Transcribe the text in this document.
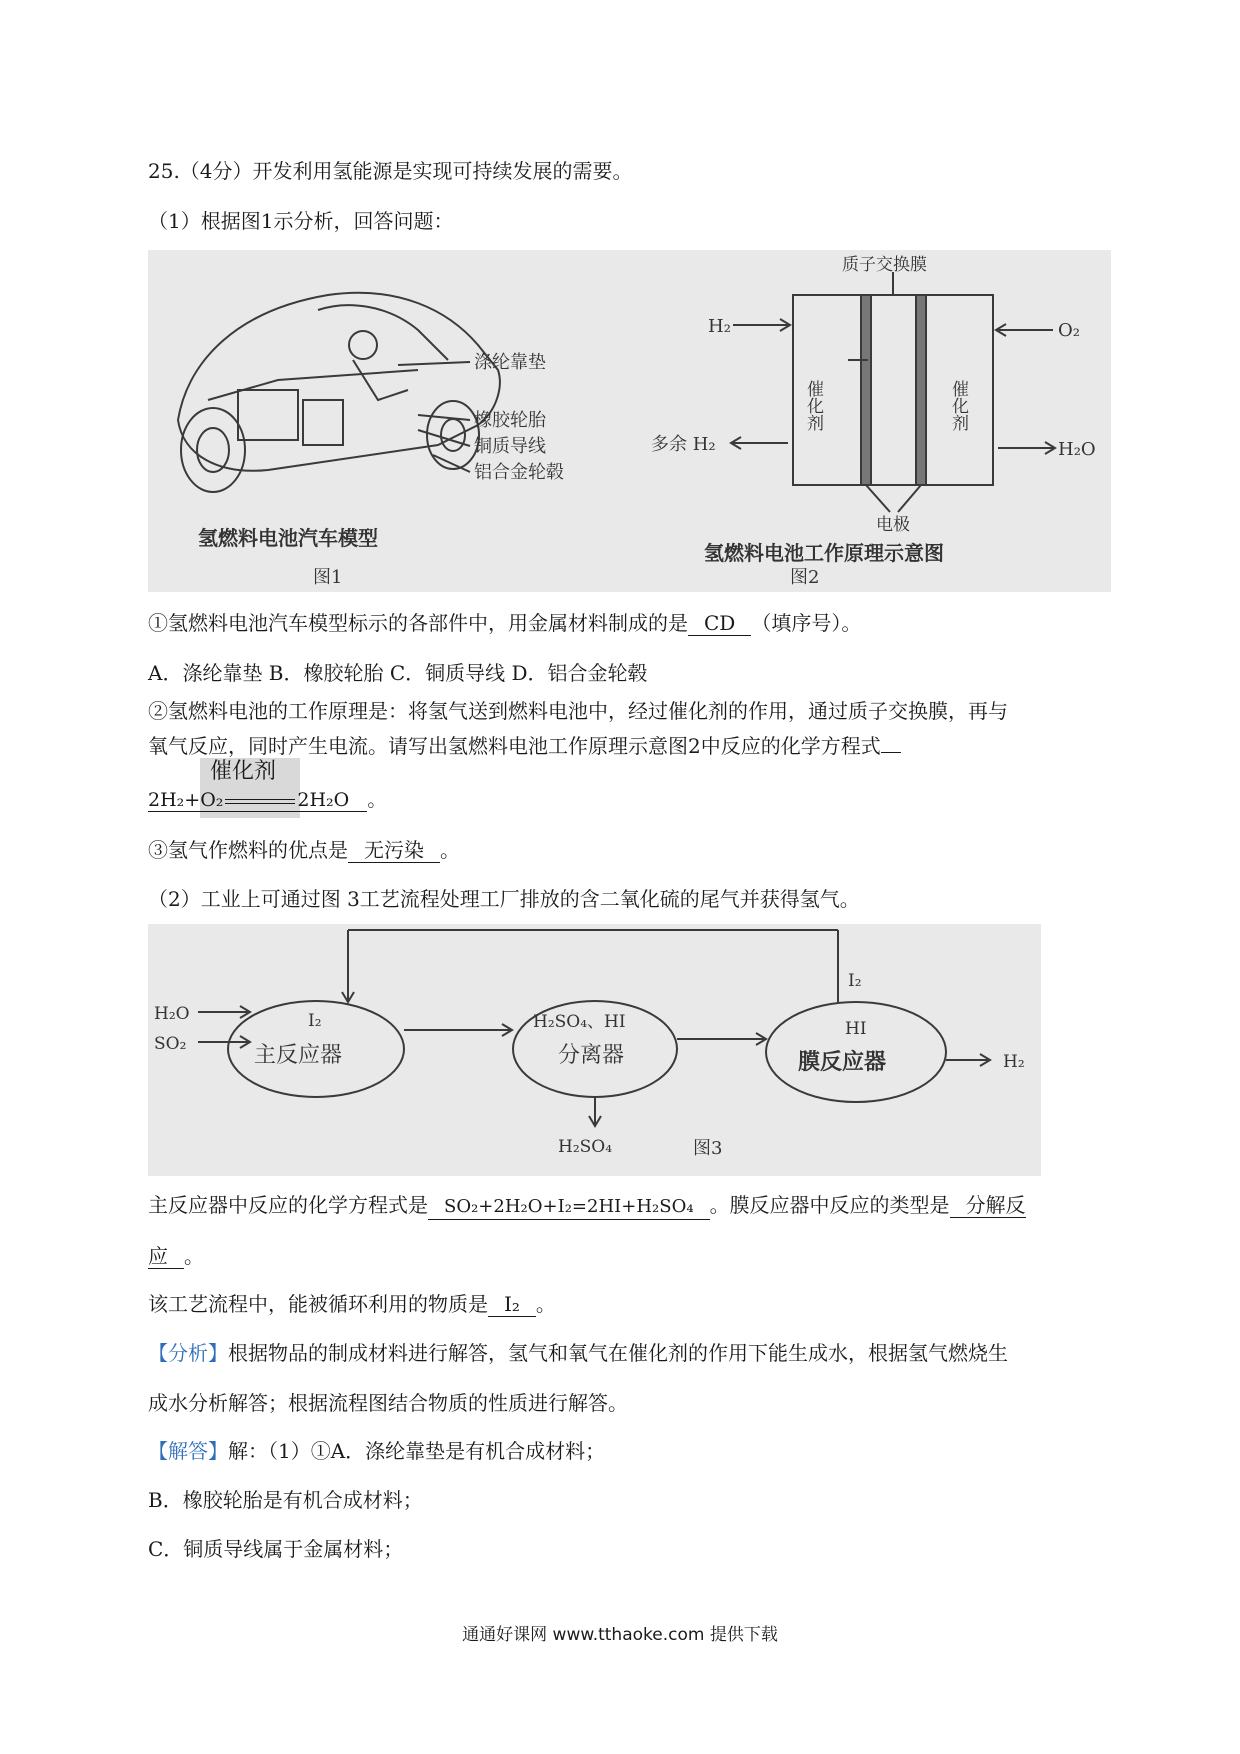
25.（4分）开发利用氢能源是实现可持续发展的需要。
（1）根据图1示分析，回答问题：
涤纶靠垫
橡胶轮胎
铜质导线
铝合金轮毂
氢燃料电池汽车模型
图1
质子交换膜
H₂	O₂
多余 H₂	H₂O
催化剂	催化剂
电极
氢燃料电池工作原理示意图
图2
①氢燃料电池汽车模型标示的各部件中，用金属材料制成的是 CD （填序号）。
A．涤纶靠垫 B．橡胶轮胎 C．铜质导线 D．铝合金轮毂
②氢燃料电池的工作原理是：将氢气送到燃料电池中，经过催化剂的作用，通过质子交换膜，再与
氧气反应，同时产生电流。请写出氢燃料电池工作原理示意图2中反应的化学方程式
催化剂
2H₂+O₂	2H₂O 。
③氢气作燃料的优点是 无污染 。
（2）工业上可通过图 3工艺流程处理工厂排放的含二氧化硫的尾气并获得氢气。
H₂O
SO₂
I₂
主反应器
H₂SO₄、HI
分离器
HI
膜反应器
I₂
H₂
H₂SO₄	图3
主反应器中反应的化学方程式是 SO₂+2H₂O+I₂=2HI+H₂SO₄ 。膜反应器中反应的类型是 分解反
应 。
该工艺流程中，能被循环利用的物质是 I₂ 。
【分析】根据物品的制成材料进行解答，氢气和氧气在催化剂的作用下能生成水，根据氢气燃烧生
成水分析解答；根据流程图结合物质的性质进行解答。
【解答】解：（1）①A．涤纶靠垫是有机合成材料；
B．橡胶轮胎是有机合成材料；
C．铜质导线属于金属材料；
通通好课网 www.tthaoke.com 提供下载
